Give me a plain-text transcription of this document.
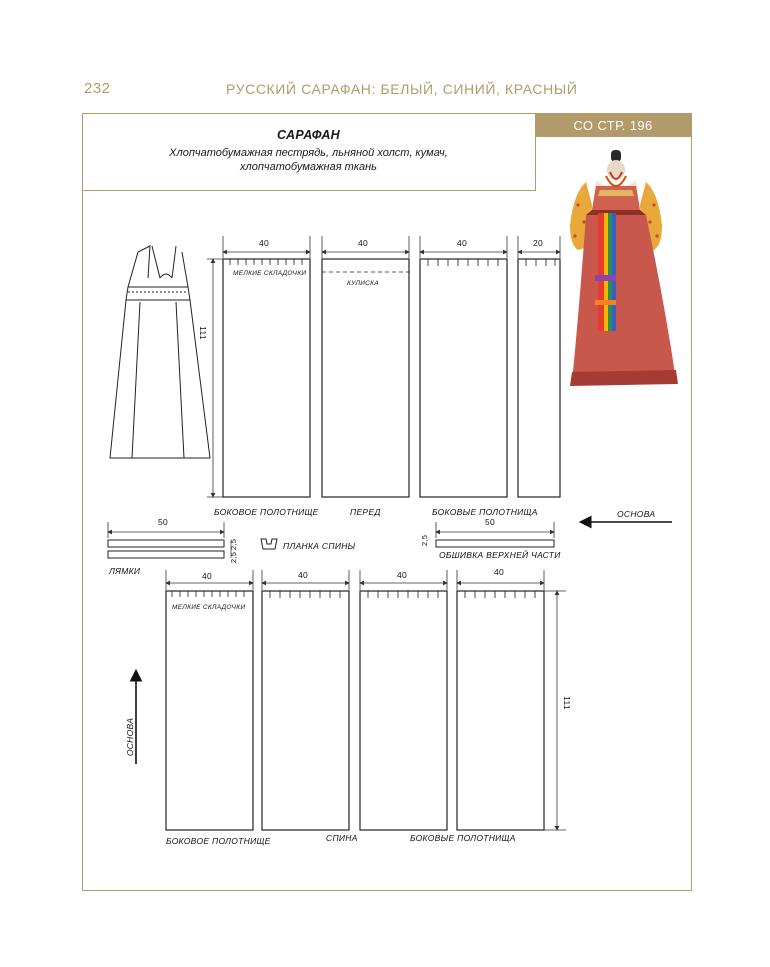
232	РУССКИЙ САРАФАН: БЕЛЫЙ, СИНИЙ, КРАСНЫЙ
САРАФАН
Хлопчатобумажная пестрядь, льняной холст, кумач, хлопчатобумажная ткань
СО СТР. 196
40	40	40	20
111
МЕЛКИЕ СКЛАДОЧКИ
КУЛИСКА
БОКОВОЕ ПОЛОТНИЩЕ	ПЕРЕД	БОКОВЫЕ ПОЛОТНИЩА
50
2,5
2,5
ПЛАНКА СПИНЫ
ЛЯМКИ
50
2,5
ОБШИВКА ВЕРХНЕЙ ЧАСТИ
ОСНОВА
40	40	40	40
111
МЕЛКИЕ СКЛАДОЧКИ
ОСНОВА
БОКОВОЕ ПОЛОТНИЩЕ	СПИНА	БОКОВЫЕ ПОЛОТНИЩА
